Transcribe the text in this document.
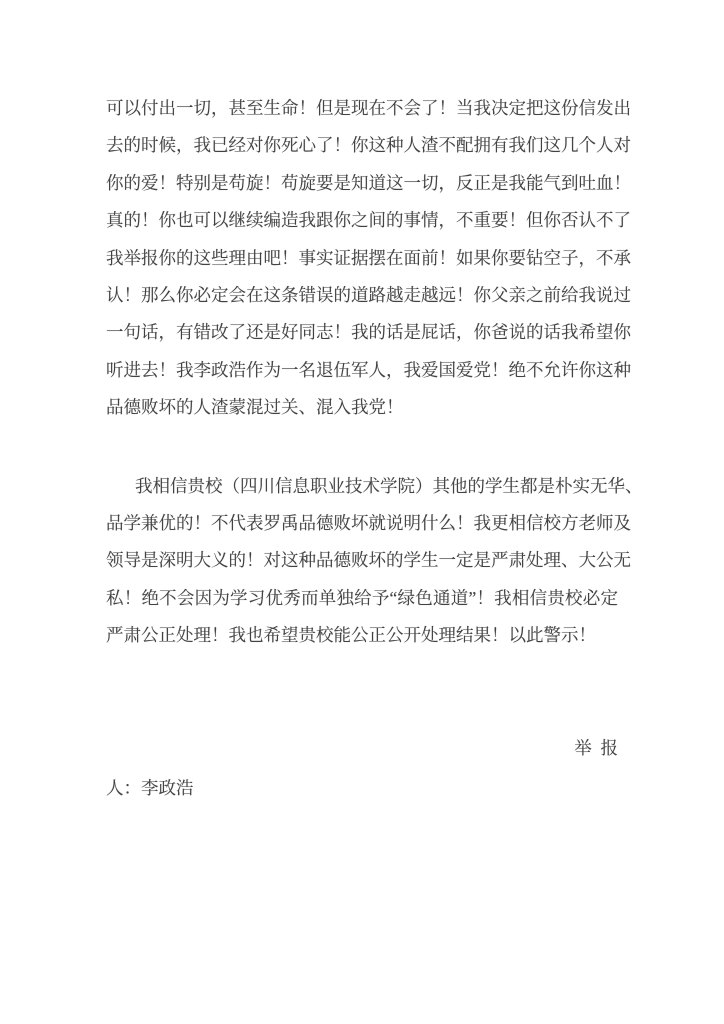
可以付出一切，甚至生命！但是现在不会了！当我决定把这份信发出
去的时候，我已经对你死心了！你这种人渣不配拥有我们这几个人对
你的爱！特别是苟旋！苟旋要是知道这一切，反正是我能气到吐血！
真的！你也可以继续编造我跟你之间的事情，不重要！但你否认不了
我举报你的这些理由吧！事实证据摆在面前！如果你要钻空子，不承
认！那么你必定会在这条错误的道路越走越远！你父亲之前给我说过
一句话，有错改了还是好同志！我的话是屁话，你爸说的话我希望你
听进去！我李政浩作为一名退伍军人，我爱国爱党！绝不允许你这种
品德败坏的人渣蒙混过关、混入我党！
我相信贵校（四川信息职业技术学院）其他的学生都是朴实无华、
品学兼优的！不代表罗禹品德败坏就说明什么！我更相信校方老师及
领导是深明大义的！对这种品德败坏的学生一定是严肃处理、大公无
私！绝不会因为学习优秀而单独给予“绿色通道”！我相信贵校必定
严肃公正处理！我也希望贵校能公正公开处理结果！以此警示！
举 报
人：李政浩
